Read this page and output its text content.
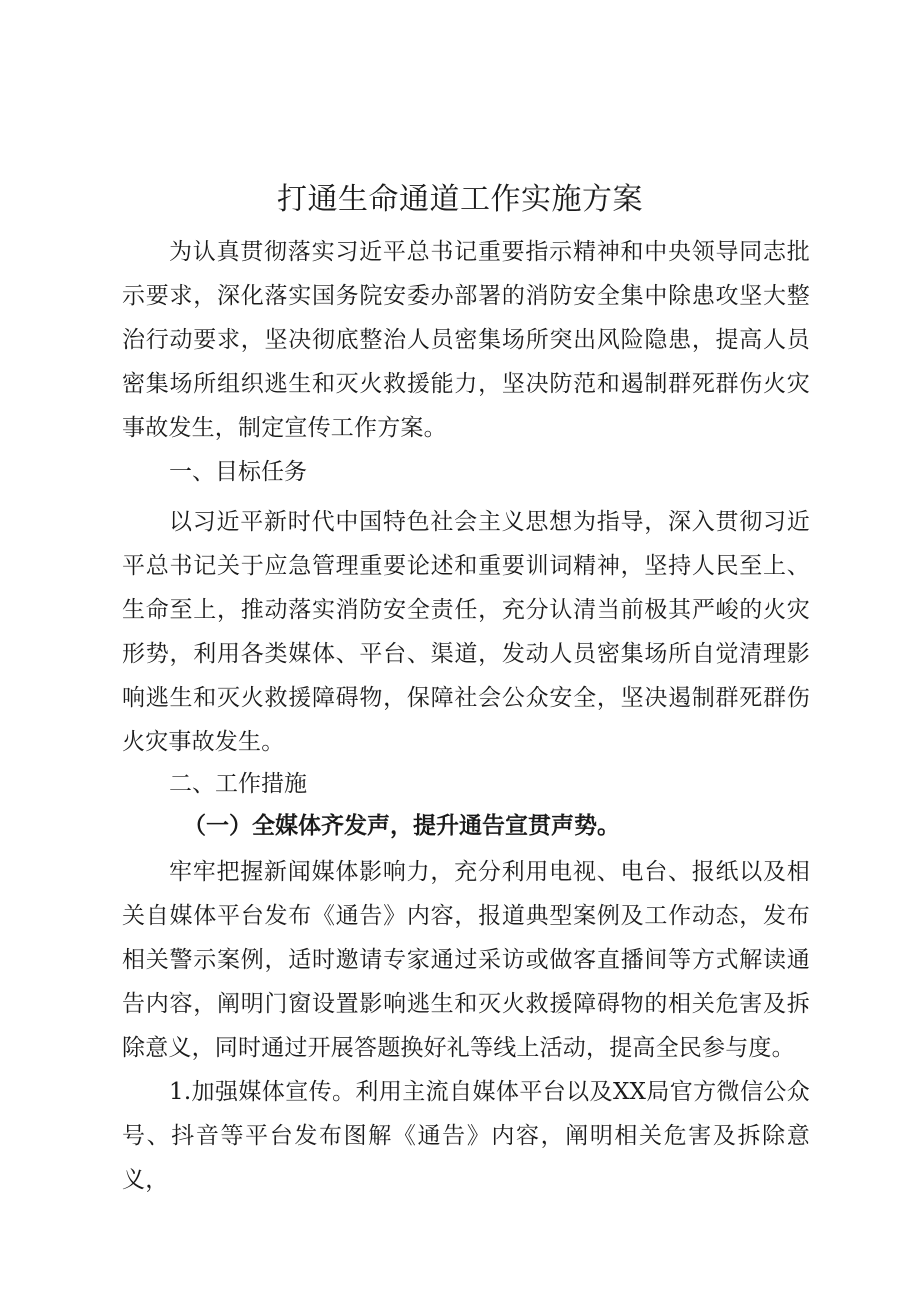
打通生命通道工作实施方案

为认真贯彻落实习近平总书记重要指示精神和中央领导同志批示要求，深化落实国务院安委办部署的消防安全集中除患攻坚大整治行动要求，坚决彻底整治人员密集场所突出风险隐患，提高人员密集场所组织逃生和灭火救援能力，坚决防范和遏制群死群伤火灾事故发生，制定宣传工作方案。

一、目标任务

以习近平新时代中国特色社会主义思想为指导，深入贯彻习近平总书记关于应急管理重要论述和重要训词精神，坚持人民至上、生命至上，推动落实消防安全责任，充分认清当前极其严峻的火灾形势，利用各类媒体、平台、渠道，发动人员密集场所自觉清理影响逃生和灭火救援障碍物，保障社会公众安全，坚决遏制群死群伤火灾事故发生。

二、工作措施
（一）全媒体齐发声，提升通告宣贯声势。

牢牢把握新闻媒体影响力，充分利用电视、电台、报纸以及相关自媒体平台发布《通告》内容，报道典型案例及工作动态，发布相关警示案例，适时邀请专家通过采访或做客直播间等方式解读通告内容，阐明门窗设置影响逃生和灭火救援障碍物的相关危害及拆除意义，同时通过开展答题换好礼等线上活动，提高全民参与度。

1.加强媒体宣传。利用主流自媒体平台以及XX局官方微信公众号、抖音等平台发布图解《通告》内容，阐明相关危害及拆除意义，
